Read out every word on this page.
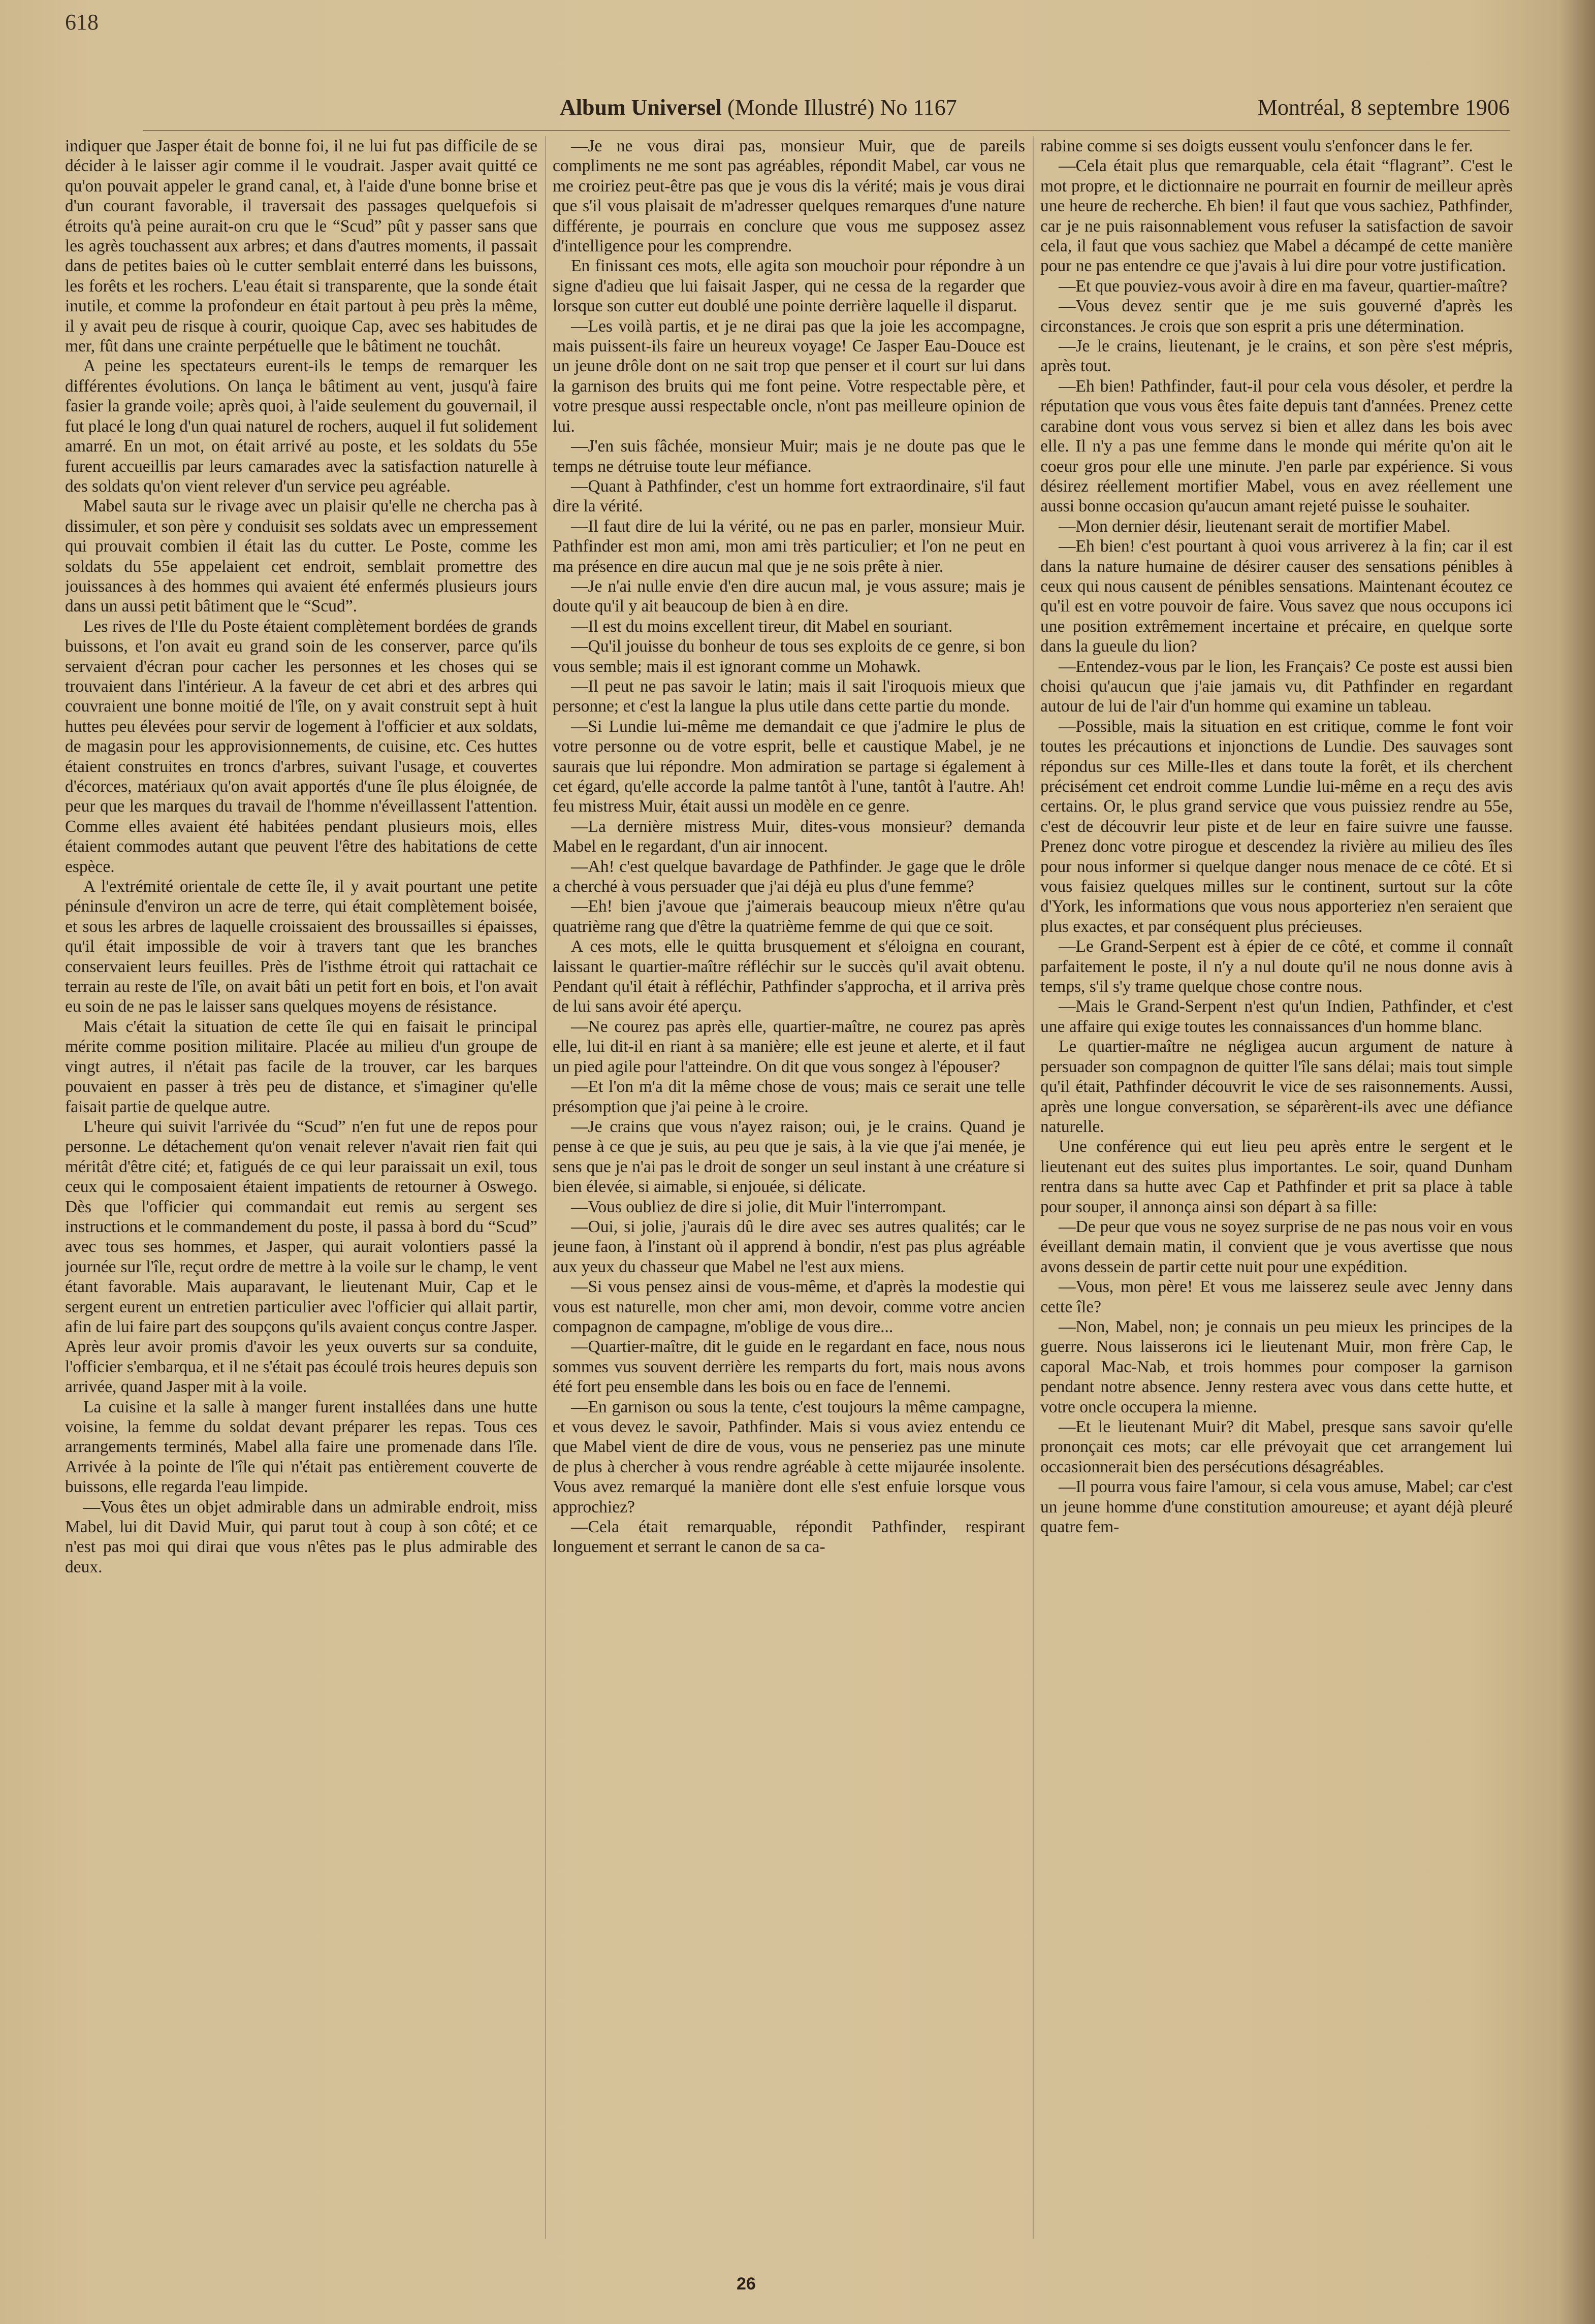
618
Album Universel (Monde Illustré) No 1167	Montréal, 8 septembre 1906

indiquer que Jasper était de bonne foi, il ne lui fut pas difficile de se décider à le laisser agir comme il le voudrait. Jasper avait quitté ce qu'on pouvait appeler le grand canal, et, à l'aide d'une bonne brise et d'un courant favorable, il traversait des passages quelquefois si étroits qu'à peine aurait-on cru que le “Scud” pût y passer sans que les agrès touchassent aux arbres; et dans d'autres moments, il passait dans de petites baies où le cutter semblait enterré dans les buissons, les forêts et les rochers. L'eau était si transparente, que la sonde était inutile, et comme la profondeur en était partout à peu près la même, il y avait peu de risque à courir, quoique Cap, avec ses habitudes de mer, fût dans une crainte perpétuelle que le bâtiment ne touchât.

A peine les spectateurs eurent-ils le temps de remarquer les différentes évolutions. On lança le bâtiment au vent, jusqu'à faire fasier la grande voile; après quoi, à l'aide seulement du gouvernail, il fut placé le long d'un quai naturel de rochers, auquel il fut solidement amarré. En un mot, on était arrivé au poste, et les soldats du 55e furent accueillis par leurs camarades avec la satisfaction naturelle à des soldats qu'on vient relever d'un service peu agréable.

Mabel sauta sur le rivage avec un plaisir qu'elle ne chercha pas à dissimuler, et son père y conduisit ses soldats avec un empressement qui prouvait combien il était las du cutter. Le Poste, comme les soldats du 55e appelaient cet endroit, semblait promettre des jouissances à des hommes qui avaient été enfermés plusieurs jours dans un aussi petit bâtiment que le “Scud”.

Les rives de l'Ile du Poste étaient complètement bordées de grands buissons, et l'on avait eu grand soin de les conserver, parce qu'ils servaient d'écran pour cacher les personnes et les choses qui se trouvaient dans l'intérieur. A la faveur de cet abri et des arbres qui couvraient une bonne moitié de l'île, on y avait construit sept à huit huttes peu élevées pour servir de logement à l'officier et aux soldats, de magasin pour les approvisionnements, de cuisine, etc. Ces huttes étaient construites en troncs d'arbres, suivant l'usage, et couvertes d'écorces, matériaux qu'on avait apportés d'une île plus éloignée, de peur que les marques du travail de l'homme n'éveillassent l'attention. Comme elles avaient été habitées pendant plusieurs mois, elles étaient commodes autant que peuvent l'être des habitations de cette espèce.

A l'extrémité orientale de cette île, il y avait pourtant une petite péninsule d'environ un acre de terre, qui était complètement boisée, et sous les arbres de laquelle croissaient des broussailles si épaisses, qu'il était impossible de voir à travers tant que les branches conservaient leurs feuilles. Près de l'isthme étroit qui rattachait ce terrain au reste de l'île, on avait bâti un petit fort en bois, et l'on avait eu soin de ne pas le laisser sans quelques moyens de résistance.

Mais c'était la situation de cette île qui en faisait le principal mérite comme position militaire. Placée au milieu d'un groupe de vingt autres, il n'était pas facile de la trouver, car les barques pouvaient en passer à très peu de distance, et s'imaginer qu'elle faisait partie de quelque autre.

L'heure qui suivit l'arrivée du “Scud” n'en fut une de repos pour personne. Le détachement qu'on venait relever n'avait rien fait qui méritât d'être cité; et, fatigués de ce qui leur paraissait un exil, tous ceux qui le composaient étaient impatients de retourner à Oswego. Dès que l'officier qui commandait eut remis au sergent ses instructions et le commandement du poste, il passa à bord du “Scud” avec tous ses hommes, et Jasper, qui aurait volontiers passé la journée sur l'île, reçut ordre de mettre à la voile sur le champ, le vent étant favorable. Mais auparavant, le lieutenant Muir, Cap et le sergent eurent un entretien particulier avec l'officier qui allait partir, afin de lui faire part des soupçons qu'ils avaient conçus contre Jasper. Après leur avoir promis d'avoir les yeux ouverts sur sa conduite, l'officier s'embarqua, et il ne s'était pas écoulé trois heures depuis son arrivée, quand Jasper mit à la voile.

La cuisine et la salle à manger furent installées dans une hutte voisine, la femme du soldat devant préparer les repas. Tous ces arrangements terminés, Mabel alla faire une promenade dans l'île. Arrivée à la pointe de l'île qui n'était pas entièrement couverte de buissons, elle regarda l'eau limpide.

—Vous êtes un objet admirable dans un admirable endroit, miss Mabel, lui dit David Muir, qui parut tout à coup à son côté; et ce n'est pas moi qui dirai que vous n'êtes pas le plus admirable des deux.

—Je ne vous dirai pas, monsieur Muir, que de pareils compliments ne me sont pas agréables, répondit Mabel, car vous ne me croiriez peut-être pas que je vous dis la vérité; mais je vous dirai que s'il vous plaisait de m'adresser quelques remarques d'une nature différente, je pourrais en conclure que vous me supposez assez d'intelligence pour les comprendre.

En finissant ces mots, elle agita son mouchoir pour répondre à un signe d'adieu que lui faisait Jasper, qui ne cessa de la regarder que lorsque son cutter eut doublé une pointe derrière laquelle il disparut.

—Les voilà partis, et je ne dirai pas que la joie les accompagne, mais puissent-ils faire un heureux voyage! Ce Jasper Eau-Douce est un jeune drôle dont on ne sait trop que penser et il court sur lui dans la garnison des bruits qui me font peine. Votre respectable père, et votre presque aussi respectable oncle, n'ont pas meilleure opinion de lui.

—J'en suis fâchée, monsieur Muir; mais je ne doute pas que le temps ne détruise toute leur méfiance.

—Quant à Pathfinder, c'est un homme fort extraordinaire, s'il faut dire la vérité.

—Il faut dire de lui la vérité, ou ne pas en parler, monsieur Muir. Pathfinder est mon ami, mon ami très particulier; et l'on ne peut en ma présence en dire aucun mal que je ne sois prête à nier.

—Je n'ai nulle envie d'en dire aucun mal, je vous assure; mais je doute qu'il y ait beaucoup de bien à en dire.

—Il est du moins excellent tireur, dit Mabel en souriant.

—Qu'il jouisse du bonheur de tous ses exploits de ce genre, si bon vous semble; mais il est ignorant comme un Mohawk.

—Il peut ne pas savoir le latin; mais il sait l'iroquois mieux que personne; et c'est la langue la plus utile dans cette partie du monde.

—Si Lundie lui-même me demandait ce que j'admire le plus de votre personne ou de votre esprit, belle et caustique Mabel, je ne saurais que lui répondre. Mon admiration se partage si également à cet égard, qu'elle accorde la palme tantôt à l'une, tantôt à l'autre. Ah! feu mistress Muir, était aussi un modèle en ce genre.

—La dernière mistress Muir, dites-vous monsieur? demanda Mabel en le regardant, d'un air innocent.

—Ah! c'est quelque bavardage de Pathfinder. Je gage que le drôle a cherché à vous persuader que j'ai déjà eu plus d'une femme?

—Eh! bien j'avoue que j'aimerais beaucoup mieux n'être qu'au quatrième rang que d'être la quatrième femme de qui que ce soit.

A ces mots, elle le quitta brusquement et s'éloigna en courant, laissant le quartier-maître réfléchir sur le succès qu'il avait obtenu. Pendant qu'il était à réfléchir, Pathfinder s'approcha, et il arriva près de lui sans avoir été aperçu.

—Ne courez pas après elle, quartier-maître, ne courez pas après elle, lui dit-il en riant à sa manière; elle est jeune et alerte, et il faut un pied agile pour l'atteindre. On dit que vous songez à l'épouser?

—Et l'on m'a dit la même chose de vous; mais ce serait une telle présomption que j'ai peine à le croire.

—Je crains que vous n'ayez raison; oui, je le crains. Quand je pense à ce que je suis, au peu que je sais, à la vie que j'ai menée, je sens que je n'ai pas le droit de songer un seul instant à une créature si bien élevée, si aimable, si enjouée, si délicate.

—Vous oubliez de dire si jolie, dit Muir l'interrompant.

—Oui, si jolie, j'aurais dû le dire avec ses autres qualités; car le jeune faon, à l'instant où il apprend à bondir, n'est pas plus agréable aux yeux du chasseur que Mabel ne l'est aux miens.

—Si vous pensez ainsi de vous-même, et d'après la modestie qui vous est naturelle, mon cher ami, mon devoir, comme votre ancien compagnon de campagne, m'oblige de vous dire...

—Quartier-maître, dit le guide en le regardant en face, nous nous sommes vus souvent derrière les remparts du fort, mais nous avons été fort peu ensemble dans les bois ou en face de l'ennemi.

—En garnison ou sous la tente, c'est toujours la même campagne, et vous devez le savoir, Pathfinder. Mais si vous aviez entendu ce que Mabel vient de dire de vous, vous ne penseriez pas une minute de plus à chercher à vous rendre agréable à cette mijaurée insolente. Vous avez remarqué la manière dont elle s'est enfuie lorsque vous approchiez?

—Cela était remarquable, répondit Pathfinder, respirant longuement et serrant le canon de sa ca-

rabine comme si ses doigts eussent voulu s'enfoncer dans le fer.

—Cela était plus que remarquable, cela était “flagrant”. C'est le mot propre, et le dictionnaire ne pourrait en fournir de meilleur après une heure de recherche. Eh bien! il faut que vous sachiez, Pathfinder, car je ne puis raisonnablement vous refuser la satisfaction de savoir cela, il faut que vous sachiez que Mabel a décampé de cette manière pour ne pas entendre ce que j'avais à lui dire pour votre justification.

—Et que pouviez-vous avoir à dire en ma faveur, quartier-maître?

—Vous devez sentir que je me suis gouverné d'après les circonstances. Je crois que son esprit a pris une détermination.

—Je le crains, lieutenant, je le crains, et son père s'est mépris, après tout.

—Eh bien! Pathfinder, faut-il pour cela vous désoler, et perdre la réputation que vous vous êtes faite depuis tant d'années. Prenez cette carabine dont vous vous servez si bien et allez dans les bois avec elle. Il n'y a pas une femme dans le monde qui mérite qu'on ait le coeur gros pour elle une minute. J'en parle par expérience. Si vous désirez réellement mortifier Mabel, vous en avez réellement une aussi bonne occasion qu'aucun amant rejeté puisse le souhaiter.

—Mon dernier désir, lieutenant serait de mortifier Mabel.

—Eh bien! c'est pourtant à quoi vous arriverez à la fin; car il est dans la nature humaine de désirer causer des sensations pénibles à ceux qui nous causent de pénibles sensations. Maintenant écoutez ce qu'il est en votre pouvoir de faire. Vous savez que nous occupons ici une position extrêmement incertaine et précaire, en quelque sorte dans la gueule du lion?

—Entendez-vous par le lion, les Français? Ce poste est aussi bien choisi qu'aucun que j'aie jamais vu, dit Pathfinder en regardant autour de lui de l'air d'un homme qui examine un tableau.

—Possible, mais la situation en est critique, comme le font voir toutes les précautions et injonctions de Lundie. Des sauvages sont répondus sur ces Mille-Iles et dans toute la forêt, et ils cherchent précisément cet endroit comme Lundie lui-même en a reçu des avis certains. Or, le plus grand service que vous puissiez rendre au 55e, c'est de découvrir leur piste et de leur en faire suivre une fausse. Prenez donc votre pirogue et descendez la rivière au milieu des îles pour nous informer si quelque danger nous menace de ce côté. Et si vous faisiez quelques milles sur le continent, surtout sur la côte d'York, les informations que vous nous apporteriez n'en seraient que plus exactes, et par conséquent plus précieuses.

—Le Grand-Serpent est à épier de ce côté, et comme il connaît parfaitement le poste, il n'y a nul doute qu'il ne nous donne avis à temps, s'il s'y trame quelque chose contre nous.

—Mais le Grand-Serpent n'est qu'un Indien, Pathfinder, et c'est une affaire qui exige toutes les connaissances d'un homme blanc.

Le quartier-maître ne négligea aucun argument de nature à persuader son compagnon de quitter l'île sans délai; mais tout simple qu'il était, Pathfinder découvrit le vice de ses raisonnements. Aussi, après une longue conversation, se séparèrent-ils avec une défiance naturelle.

Une conférence qui eut lieu peu après entre le sergent et le lieutenant eut des suites plus importantes. Le soir, quand Dunham rentra dans sa hutte avec Cap et Pathfinder et prit sa place à table pour souper, il annonça ainsi son départ à sa fille:

—De peur que vous ne soyez surprise de ne pas nous voir en vous éveillant demain matin, il convient que je vous avertisse que nous avons dessein de partir cette nuit pour une expédition.

—Vous, mon père! Et vous me laisserez seule avec Jenny dans cette île?

—Non, Mabel, non; je connais un peu mieux les principes de la guerre. Nous laisserons ici le lieutenant Muir, mon frère Cap, le caporal Mac-Nab, et trois hommes pour composer la garnison pendant notre absence. Jenny restera avec vous dans cette hutte, et votre oncle occupera la mienne.

—Et le lieutenant Muir? dit Mabel, presque sans savoir qu'elle prononçait ces mots; car elle prévoyait que cet arrangement lui occasionnerait bien des persécutions désagréables.

—Il pourra vous faire l'amour, si cela vous amuse, Mabel; car c'est un jeune homme d'une constitution amoureuse; et ayant déjà pleuré quatre fem-

26
